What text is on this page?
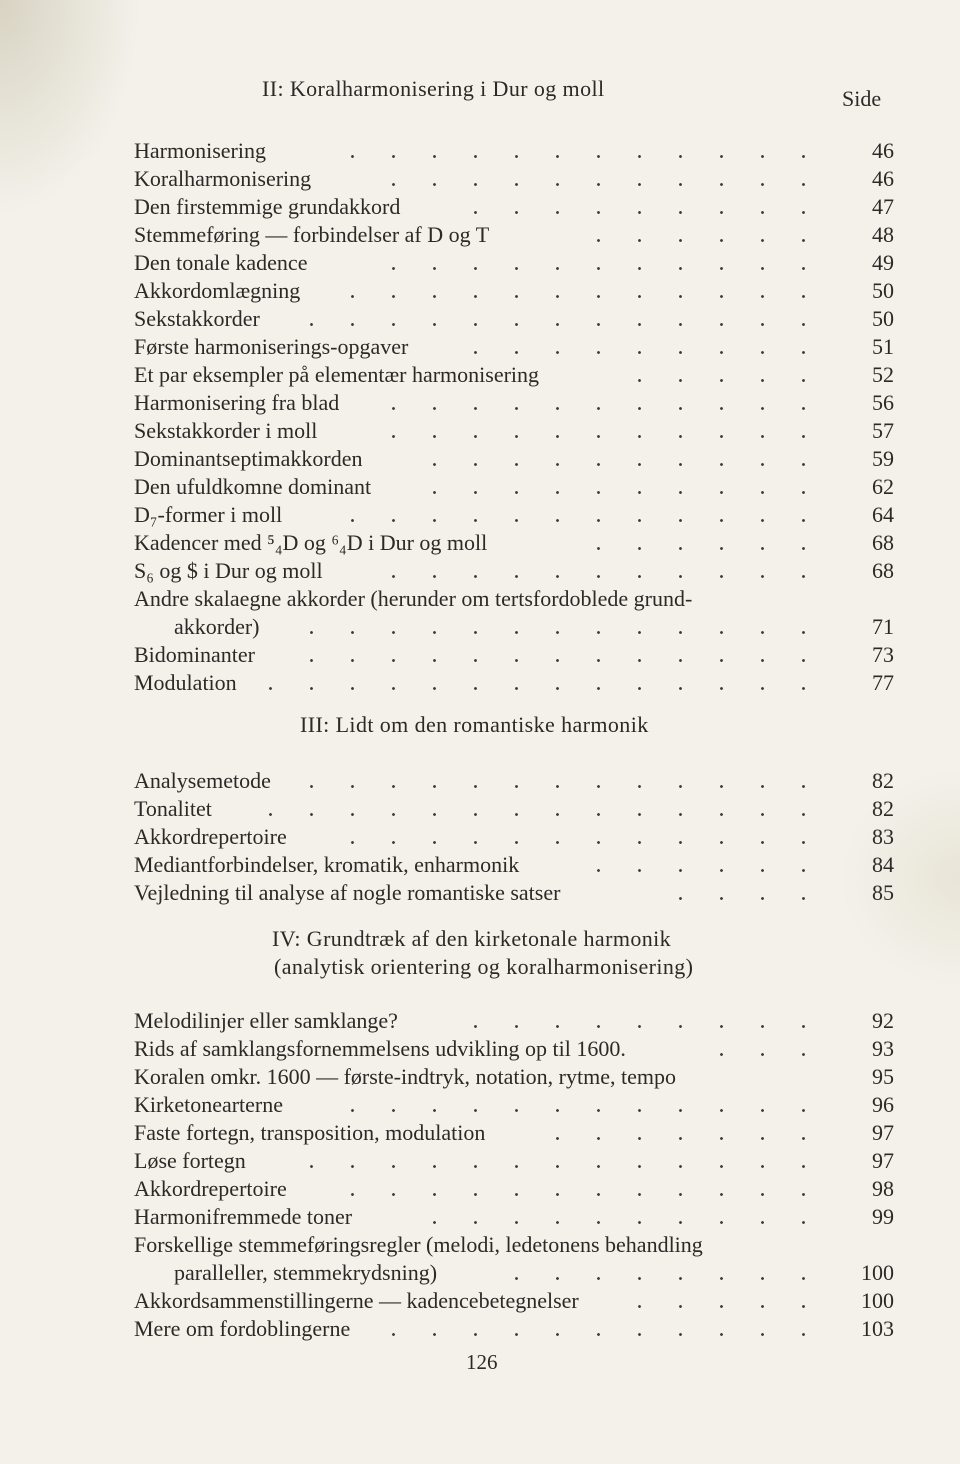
II: Koralharmonisering i Dur og moll	Side
Harmonisering	46
Koralharmonisering	46
Den firstemmige grundakkord	47
Stemmeføring — forbindelser af D og T	48
Den tonale kadence	49
Akkordomlægning	50
Sekstakkorder	50
Første harmoniserings-opgaver	51
Et par eksempler på elementær harmonisering	52
Harmonisering fra blad	56
Sekstakkorder i moll	57
Dominantseptimakkorden	59
Den ufuldkomne dominant	62
D₇-former i moll	64
Kadencer med ⁵₄D og ⁶₄D i Dur og moll	68
S₆ og $ i Dur og moll	68
Andre skalaegne akkorder (herunder om tertsfordoblede grund-
akkorder)	71
Bidominanter	73
Modulation	77
III: Lidt om den romantiske harmonik
Analysemetode	82
Tonalitet	82
Akkordrepertoire	83
Mediantforbindelser, kromatik, enharmonik	84
Vejledning til analyse af nogle romantiske satser	85
IV: Grundtræk af den kirketonale harmonik
(analytisk orientering og koralharmonisering)
Melodilinjer eller samklange?	92
Rids af samklangsfornemmelsens udvikling op til 1600.	93
Koralen omkr. 1600 — første-indtryk, notation, rytme, tempo	95
Kirketonearterne	96
Faste fortegn, transposition, modulation	97
Løse fortegn	97
Akkordrepertoire	98
Harmonifremmede toner	99
Forskellige stemmeføringsregler (melodi, ledetonens behandling
paralleller, stemmekrydsning)	100
Akkordsammenstillingerne — kadencebetegnelser	100
Mere om fordoblingerne	103
126
